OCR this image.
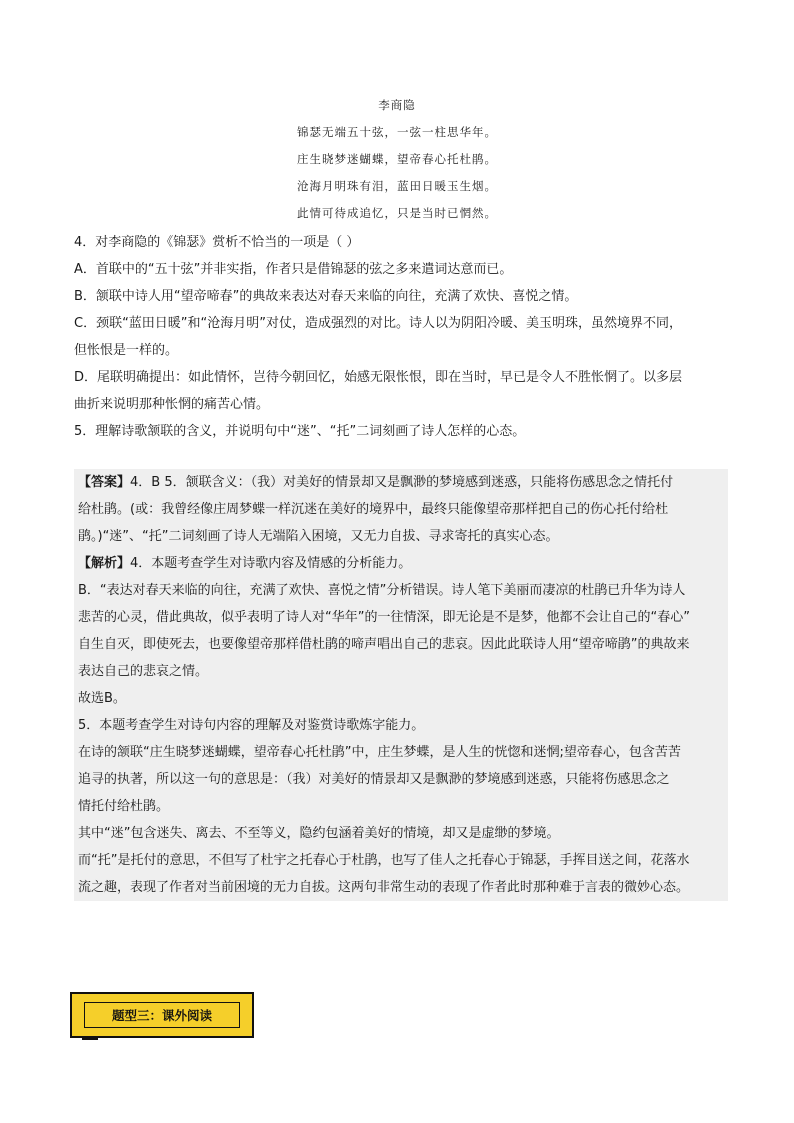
李商隐
锦瑟无端五十弦，一弦一柱思华年。
庄生晓梦迷蝴蝶，望帝春心托杜鹃。
沧海月明珠有泪，蓝田日暖玉生烟。
此情可待成追忆，只是当时已惘然。
4．对李商隐的《锦瑟》赏析不恰当的一项是（ ）
A．首联中的“五十弦”并非实指，作者只是借锦瑟的弦之多来遣词达意而已。
B．颔联中诗人用“望帝啼春”的典故来表达对春天来临的向往，充满了欢快、喜悦之情。
C．颈联“蓝田日暖”和“沧海月明”对仗，造成强烈的对比。诗人以为阴阳冷暖、美玉明珠，虽然境界不同，
但怅恨是一样的。
D．尾联明确提出：如此情怀，岂待今朝回忆，始感无限怅恨，即在当时，早已是令人不胜怅惘了。以多层
曲折来说明那种怅惘的痛苦心情。
5．理解诗歌颔联的含义，并说明句中“迷”、“托”二词刻画了诗人怎样的心态。

【答案】4．B 5．颔联含义：（我）对美好的情景却又是飘渺的梦境感到迷惑，只能将伤感思念之情托付

给杜鹃。(或：我曾经像庄周梦蝶一样沉迷在美好的境界中，最终只能像望帝那样把自己的伤心托付给杜

鹃。)“迷”、“托”二词刻画了诗人无端陷入困境，又无力自拔、寻求寄托的真实心态。

【解析】4．本题考查学生对诗歌内容及情感的分析能力。

B．“表达对春天来临的向往，充满了欢快、喜悦之情”分析错误。诗人笔下美丽而凄凉的杜鹃已升华为诗人

悲苦的心灵，借此典故，似乎表明了诗人对“华年”的一往情深，即无论是不是梦，他都不会让自己的“春心”

自生自灭，即使死去，也要像望帝那样借杜鹃的啼声唱出自己的悲哀。因此此联诗人用“望帝啼鹃”的典故来

表达自己的悲哀之情。

故选B。

5．本题考查学生对诗句内容的理解及对鉴赏诗歌炼字能力。

在诗的颔联“庄生晓梦迷蝴蝶，望帝春心托杜鹃”中，庄生梦蝶，是人生的恍惚和迷惘;望帝春心，包含苦苦

追寻的执著，所以这一句的意思是：（我）对美好的情景却又是飘渺的梦境感到迷惑，只能将伤感思念之

情托付给杜鹃。

其中“迷”包含迷失、离去、不至等义，隐约包涵着美好的情境，却又是虚缈的梦境。

而“托”是托付的意思，不但写了杜宇之托春心于杜鹃，也写了佳人之托春心于锦瑟，手挥目送之间，花落水

流之趣，表现了作者对当前困境的无力自拔。这两句非常生动的表现了作者此时那种难于言表的微妙心态。

题型三：课外阅读
